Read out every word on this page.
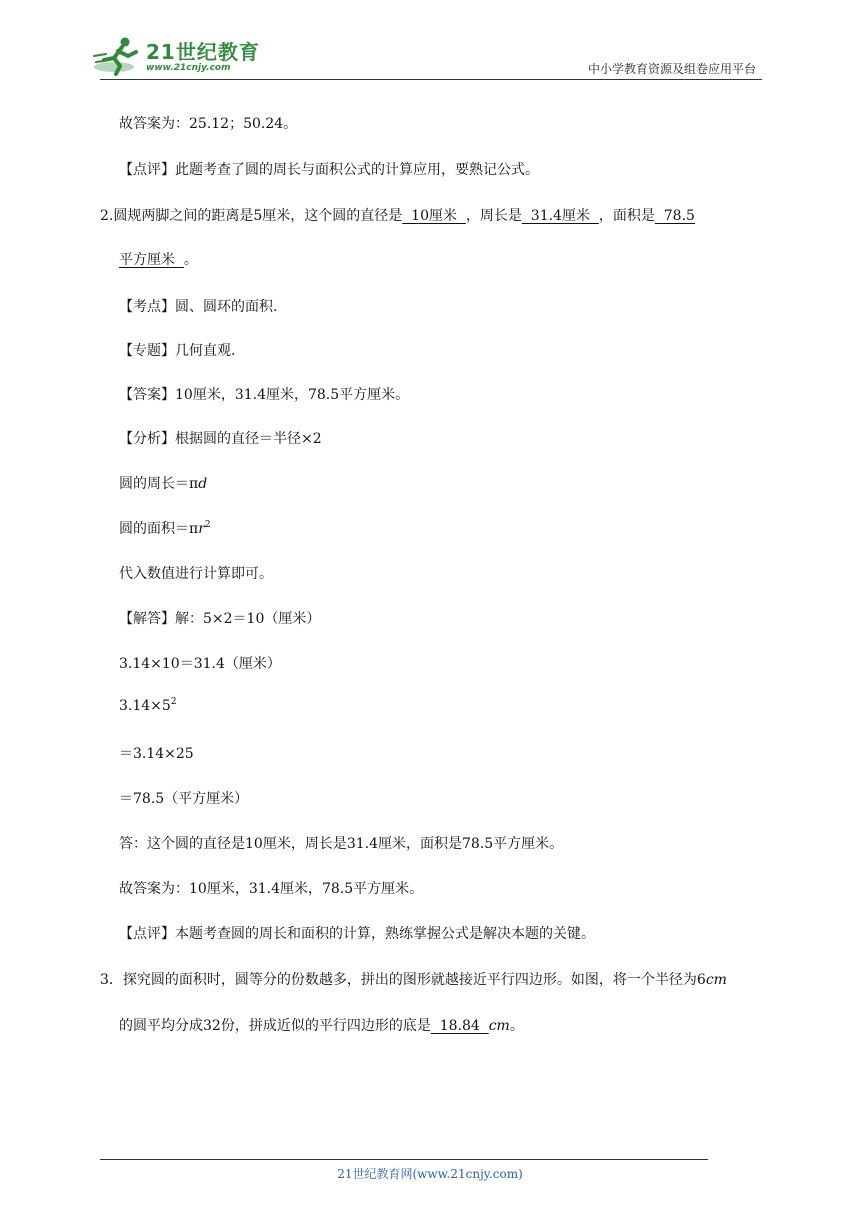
21世纪教育
www.21cnjy.com	中小学教育资源及组卷应用平台
故答案为：25.12；50.24。
【点评】此题考查了圆的周长与面积公式的计算应用，要熟记公式。
2.圆规两脚之间的距离是5厘米，这个圆的直径是  10厘米  ，周长是  31.4厘米  ，面积是  78.5
平方厘米  。
【考点】圆、圆环的面积.
【专题】几何直观.
【答案】10厘米，31.4厘米，78.5平方厘米。
【分析】根据圆的直径＝半径×2
圆的周长＝πd
圆的面积$=\pi r^2$
代入数值进行计算即可。
【解答】解：5×2＝10（厘米）
3.14×10＝31.4（厘米）
$3.14\times 5^2$
＝3.14×25
＝78.5（平方厘米）
答：这个圆的直径是10厘米，周长是31.4厘米，面积是78.5平方厘米。
故答案为：10厘米，31.4厘米，78.5平方厘米。
【点评】本题考查圆的周长和面积的计算，熟练掌握公式是解决本题的关键。
3．探究圆的面积时，圆等分的份数越多，拼出的图形就越接近平行四边形。如图，将一个半径为6cm
的圆平均分成32份，拼成近似的平行四边形的底是  18.84  cm。
21世纪教育网(www.21cnjy.com)
